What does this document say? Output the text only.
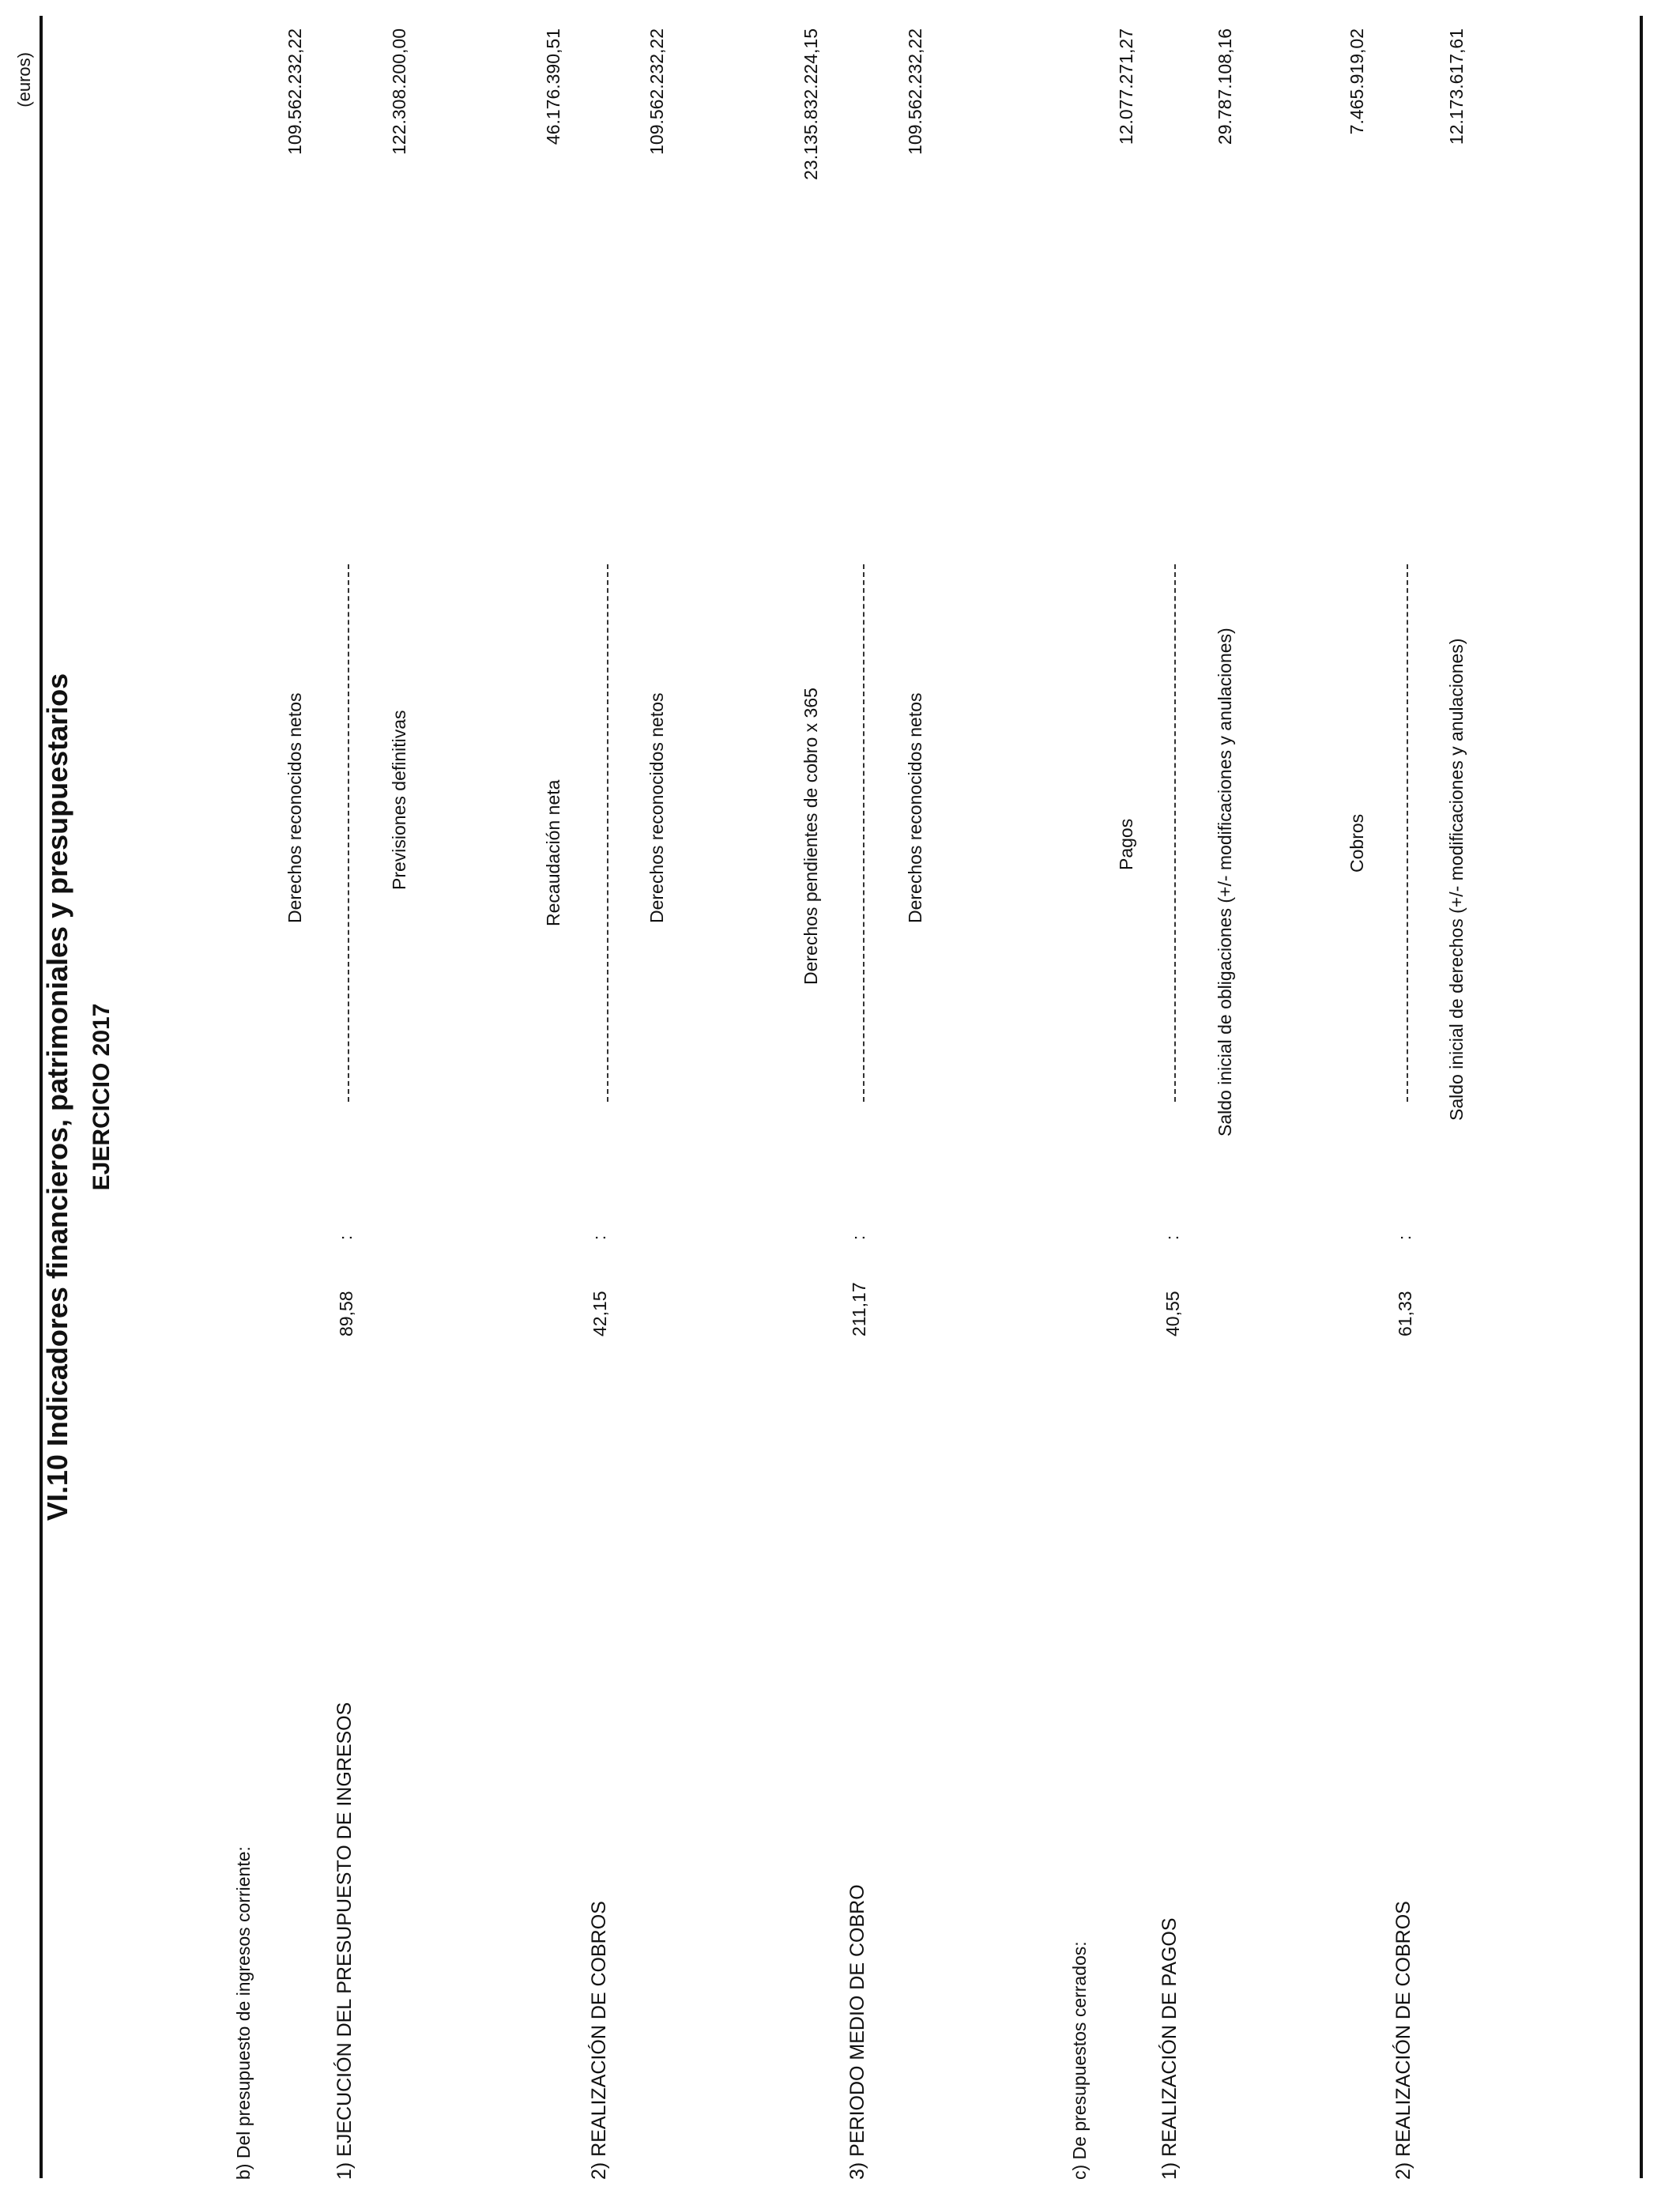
VI.10 Indicadores financieros, patrimoniales y presupuestarios EJERCICIO 2017
(euros)
b) Del presupuesto de ingresos corriente:	c) De presupuestos cerrados:
1) EJECUCIÓN DEL PRESUPUESTO DE INGRESOS
89,58
:
Derechos reconocidos netos	Previsiones definitivas
109.562.232,22	122.308.200,00
2) REALIZACIÓN DE COBROS
42,15
:
Recaudación neta	Derechos reconocidos netos
46.176.390,51	109.562.232,22
3) PERIODO MEDIO DE COBRO
211,17
:
Derechos pendientes de cobro x 365	Derechos reconocidos netos
23.135.832.224,15	109.562.232,22
1) REALIZACIÓN DE PAGOS
40,55
:
Pagos	Saldo inicial de obligaciones (+/- modificaciones y anulaciones)
12.077.271,27	29.787.108,16
2) REALIZACIÓN DE COBROS
61,33
:
Cobros	Saldo inicial de derechos (+/- modificaciones y anulaciones)
7.465.919,02	12.173.617,61
